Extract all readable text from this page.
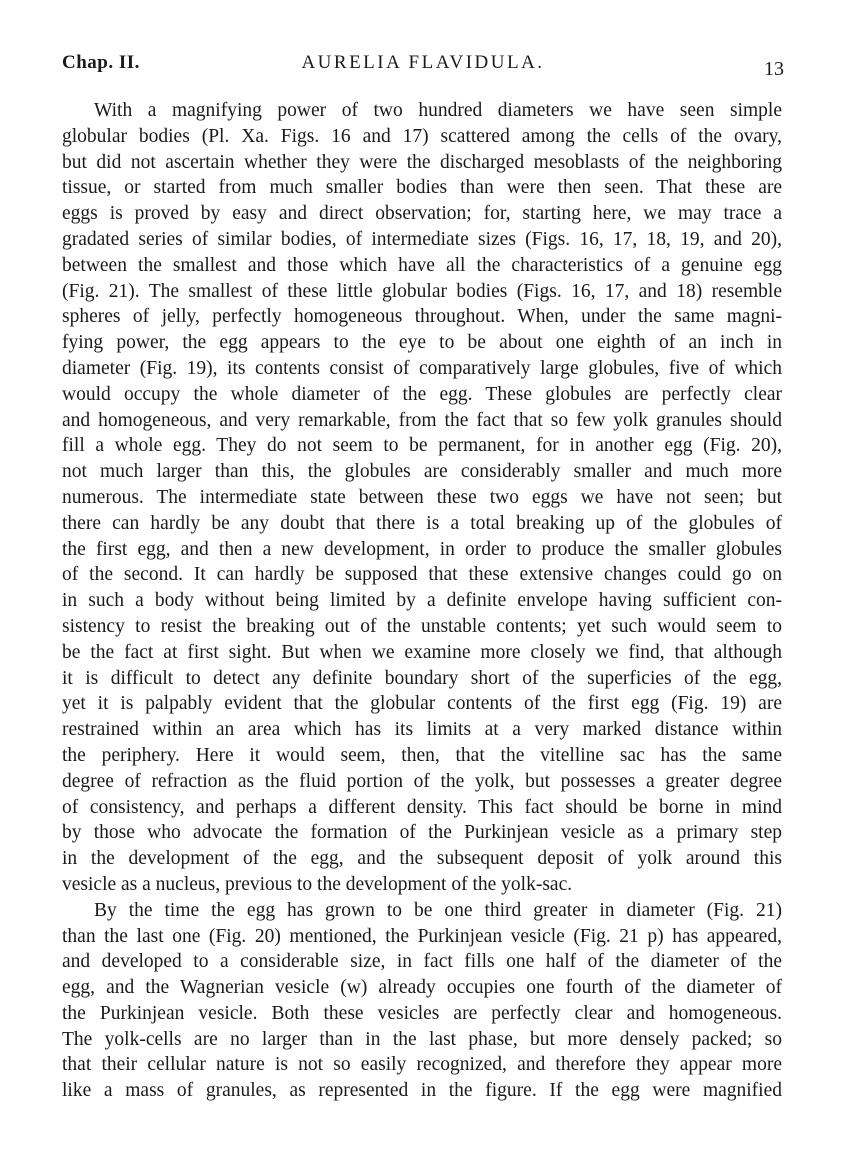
Chap. II.	AURELIA FLAVIDULA.	13
With a magnifying power of two hundred diameters we have seen simple
globular bodies (Pl. Xa. Figs. 16 and 17) scattered among the cells of the ovary,
but did not ascertain whether they were the discharged mesoblasts of the neighboring
tissue, or started from much smaller bodies than were then seen. That these are
eggs is proved by easy and direct observation; for, starting here, we may trace a
gradated series of similar bodies, of intermediate sizes (Figs. 16, 17, 18, 19, and 20),
between the smallest and those which have all the characteristics of a genuine egg
(Fig. 21). The smallest of these little globular bodies (Figs. 16, 17, and 18) resemble
spheres of jelly, perfectly homogeneous throughout. When, under the same magni-
fying power, the egg appears to the eye to be about one eighth of an inch in
diameter (Fig. 19), its contents consist of comparatively large globules, five of which
would occupy the whole diameter of the egg. These globules are perfectly clear
and homogeneous, and very remarkable, from the fact that so few yolk granules should
fill a whole egg. They do not seem to be permanent, for in another egg (Fig. 20),
not much larger than this, the globules are considerably smaller and much more
numerous. The intermediate state between these two eggs we have not seen; but
there can hardly be any doubt that there is a total breaking up of the globules of
the first egg, and then a new development, in order to produce the smaller globules
of the second. It can hardly be supposed that these extensive changes could go on
in such a body without being limited by a definite envelope having sufficient con-
sistency to resist the breaking out of the unstable contents; yet such would seem to
be the fact at first sight. But when we examine more closely we find, that although
it is difficult to detect any definite boundary short of the superficies of the egg,
yet it is palpably evident that the globular contents of the first egg (Fig. 19) are
restrained within an area which has its limits at a very marked distance within
the periphery. Here it would seem, then, that the vitelline sac has the same
degree of refraction as the fluid portion of the yolk, but possesses a greater degree
of consistency, and perhaps a different density. This fact should be borne in mind
by those who advocate the formation of the Purkinjean vesicle as a primary step
in the development of the egg, and the subsequent deposit of yolk around this
vesicle as a nucleus, previous to the development of the yolk-sac.
By the time the egg has grown to be one third greater in diameter (Fig. 21)
than the last one (Fig. 20) mentioned, the Purkinjean vesicle (Fig. 21 p) has appeared,
and developed to a considerable size, in fact fills one half of the diameter of the
egg, and the Wagnerian vesicle (w) already occupies one fourth of the diameter of
the Purkinjean vesicle. Both these vesicles are perfectly clear and homogeneous.
The yolk-cells are no larger than in the last phase, but more densely packed; so
that their cellular nature is not so easily recognized, and therefore they appear more
like a mass of granules, as represented in the figure. If the egg were magnified
